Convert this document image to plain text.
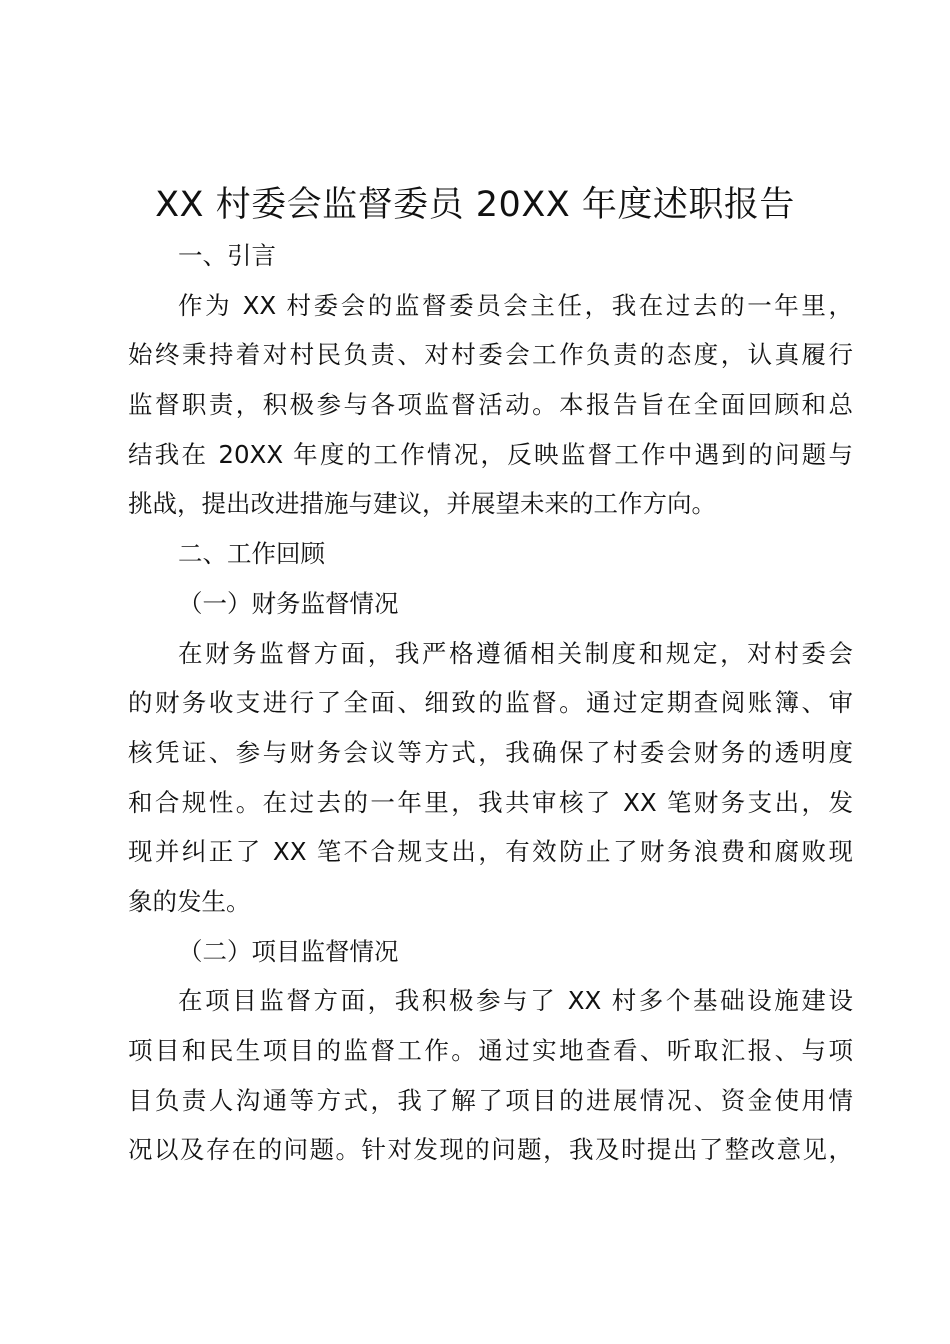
XX 村委会监督委员 20XX 年度述职报告
一、引言
作为 XX 村委会的监督委员会主任，我在过去的一年里，
始终秉持着对村民负责、对村委会工作负责的态度，认真履行
监督职责，积极参与各项监督活动。本报告旨在全面回顾和总
结我在 20XX 年度的工作情况，反映监督工作中遇到的问题与
挑战，提出改进措施与建议，并展望未来的工作方向。
二、工作回顾
（一）财务监督情况
在财务监督方面，我严格遵循相关制度和规定，对村委会
的财务收支进行了全面、细致的监督。通过定期查阅账簿、审
核凭证、参与财务会议等方式，我确保了村委会财务的透明度
和合规性。在过去的一年里，我共审核了 XX 笔财务支出，发
现并纠正了 XX 笔不合规支出，有效防止了财务浪费和腐败现
象的发生。
（二）项目监督情况
在项目监督方面，我积极参与了 XX 村多个基础设施建设
项目和民生项目的监督工作。通过实地查看、听取汇报、与项
目负责人沟通等方式，我了解了项目的进展情况、资金使用情
况以及存在的问题。针对发现的问题，我及时提出了整改意见，
